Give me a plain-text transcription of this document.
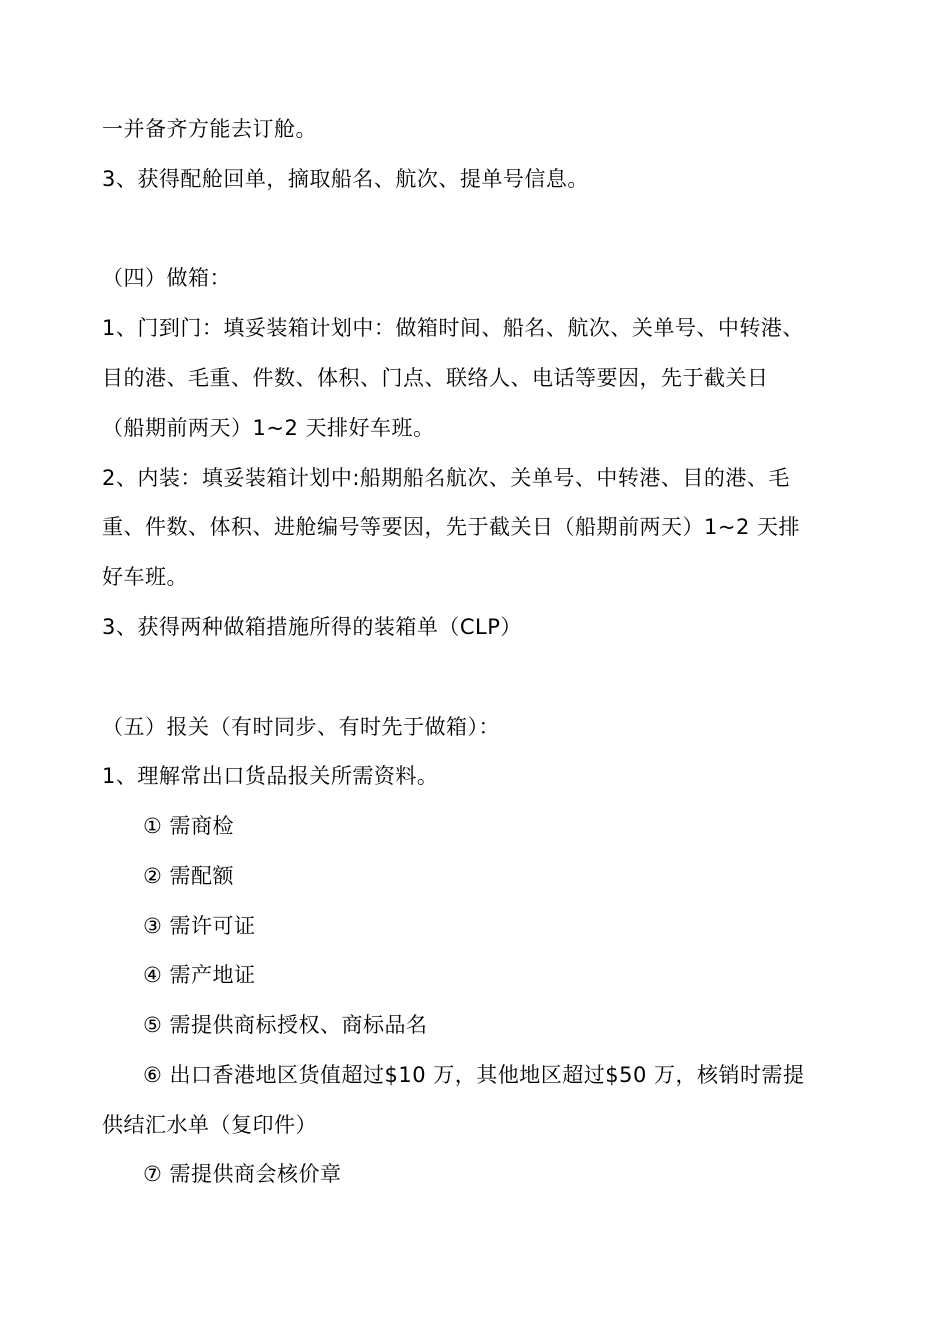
一并备齐方能去订舱。
3、获得配舱回单，摘取船名、航次、提单号信息。
（四）做箱：
1、门到门：填妥装箱计划中：做箱时间、船名、航次、关单号、中转港、
目的港、毛重、件数、体积、门点、联络人、电话等要因，先于截关日
（船期前两天）1~2 天排好车班。
2、内装：填妥装箱计划中:船期船名航次、关单号、中转港、目的港、毛
重、件数、体积、进舱编号等要因，先于截关日（船期前两天）1~2 天排
好车班。
3、获得两种做箱措施所得的装箱单（CLP）
（五）报关（有时同步、有时先于做箱）：
1、理解常出口货品报关所需资料。
① 需商检
② 需配额
③ 需许可证
④ 需产地证
⑤ 需提供商标授权、商标品名
⑥ 出口香港地区货值超过$10 万，其他地区超过$50 万，核销时需提
供结汇水单（复印件）
⑦ 需提供商会核价章
